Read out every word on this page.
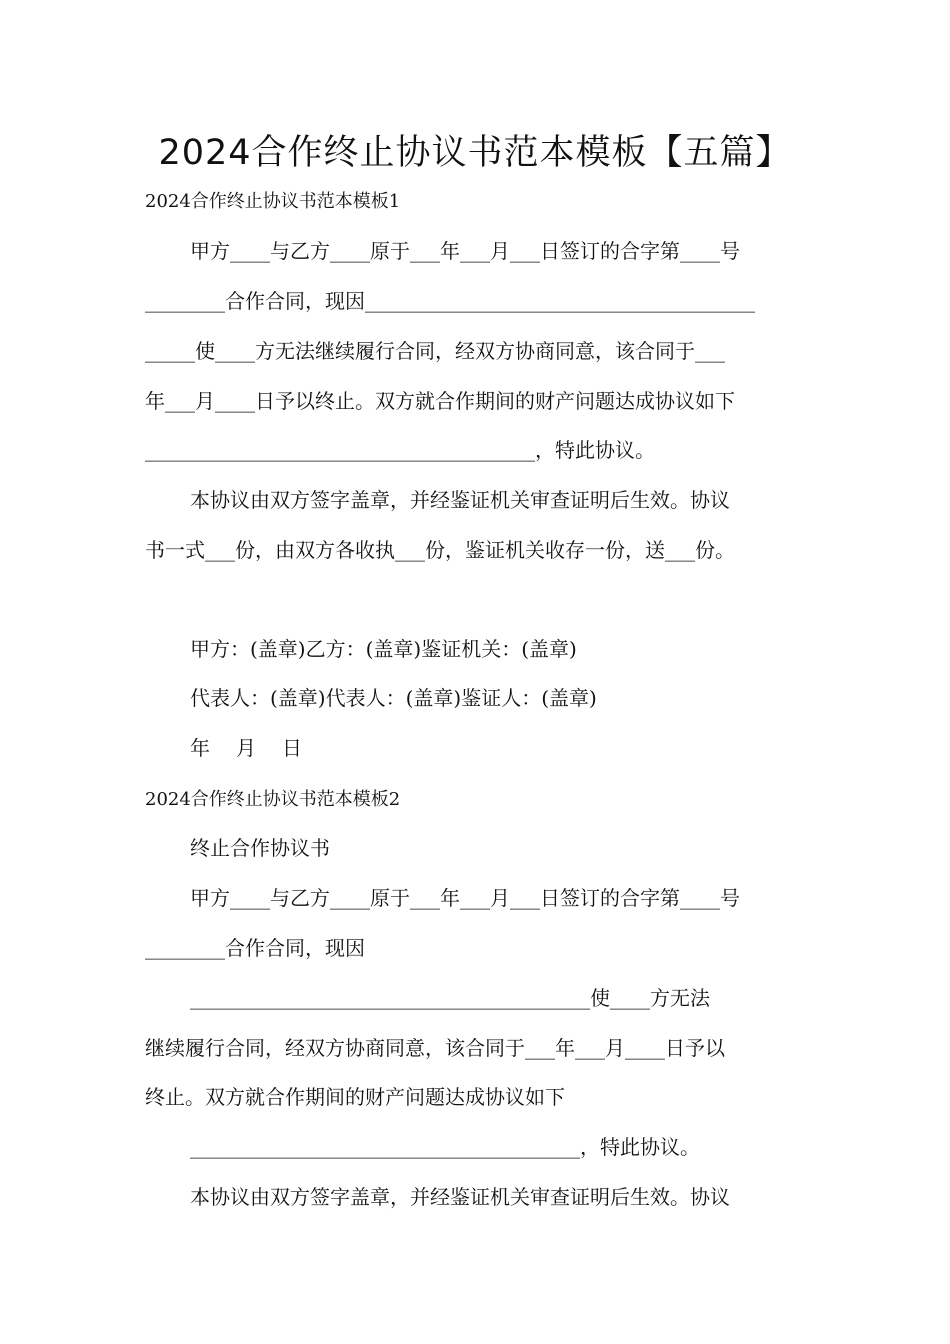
2024合作终止协议书范本模板【五篇】
2024合作终止协议书范本模板1
甲方____与乙方____原于___年___月___日签订的合字第____号
________合作合同，现因_______________________________________
_____使____方无法继续履行合同，经双方协商同意，该合同于___
年___月____日予以终止。双方就合作期间的财产问题达成协议如下
_______________________________________，特此协议。
本协议由双方签字盖章，并经鉴证机关审查证明后生效。协议
书一式___份，由双方各收执___份，鉴证机关收存一份，送___份。
甲方：(盖章)乙方：(盖章)鉴证机关：(盖章)
代表人：(盖章)代表人：(盖章)鉴证人：(盖章)
年 月 日
2024合作终止协议书范本模板2
终止合作协议书
甲方____与乙方____原于___年___月___日签订的合字第____号
________合作合同，现因
________________________________________使____方无法
继续履行合同，经双方协商同意，该合同于___年___月____日予以
终止。双方就合作期间的财产问题达成协议如下
_______________________________________，特此协议。
本协议由双方签字盖章，并经鉴证机关审查证明后生效。协议
